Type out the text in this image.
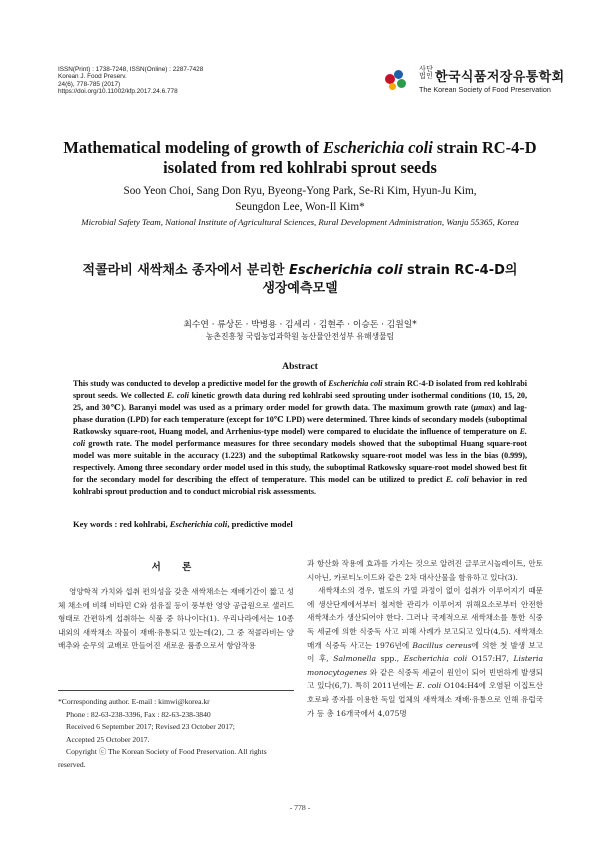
ISSN(Print) : 1738-7248, ISSN(Online) : 2287-7428
Korean J. Food Preserv.
24(6), 778-785 (2017)
https://doi.org/10.11002/kfp.2017.24.6.778
사단 법인 한국식품저장유통학회
The Korean Society of Food Preservation
Mathematical modeling of growth of Escherichia coli strain RC-4-D
isolated from red kohlrabi sprout seeds
Soo Yeon Choi, Sang Don Ryu, Byeong-Yong Park, Se-Ri Kim, Hyun-Ju Kim,
Seungdon Lee, Won-Il Kim*
Microbial Safety Team, National Institute of Agricultural Sciences, Rural Development Administration, Wanju 55365, Korea
적콜라비 새싹채소 종자에서 분리한 Escherichia coli strain RC-4-D의
생장예측모델
최수연 · 류상돈 · 박병용 · 김세리 · 김현주 · 이승돈 · 김원일*
농촌진흥청 국립농업과학원 농산물안전성부 유해생물팀
Abstract
This study was conducted to develop a predictive model for the growth of Escherichia coli strain RC-4-D isolated from red kohlrabi sprout seeds. We collected E. coli kinetic growth data during red kohlrabi seed sprouting under isothermal conditions (10, 15, 20, 25, and 30℃). Baranyi model was used as a primary order model for growth data. The maximum growth rate (μmax) and lag-phase duration (LPD) for each temperature (except for 10℃ LPD) were determined. Three kinds of secondary models (suboptimal Ratkowsky square-root, Huang model, and Arrhenius-type model) were compared to elucidate the influence of temperature on E. coli growth rate. The model performance measures for three secondary models showed that the suboptimal Huang square-root model was more suitable in the accuracy (1.223) and the suboptimal Ratkowsky square-root model was less in the bias (0.999), respectively. Among three secondary order model used in this study, the suboptimal Ratkowsky square-root model showed best fit for the secondary model for describing the effect of temperature. This model can be utilized to predict E. coli behavior in red kohlrabi sprout production and to conduct microbial risk assessments.
Key words : red kohlrabi, Escherichia coli, predictive model
서 론

영양학적 가치와 섭취 편의성을 갖춘 새싹채소는 재배기간이 짧고 성체 채소에 비해 비타민 C와 섬유질 등이 풍부한 영양 공급원으로 샐러드 형태로 간편하게 섭취하는 식품 중 하나이다(1). 우리나라에서는 10종 내외의 새싹채소 작물이 재배·유통되고 있는데(2), 그 중 적콜라비는 양배추와 순무의 교배로 만들어진 새로운 품종으로서 항암작용

과 항산화 작용에 효과를 가지는 것으로 알려진 글루코시놀레이트, 안토시아닌, 카로티노이드와 같은 2차 대사산물을 함유하고 있다(3).

새싹채소의 경우, 별도의 가열 과정이 없이 섭취가 이루어지기 때문에 생산단계에서부터 철저한 관리가 이루어져 위해요소로부터 안전한 새싹채소가 생산되어야 한다. 그러나 국제적으로 새싹채소를 통한 식중독 세균에 의한 식중독 사고 피해 사례가 보고되고 있다(4,5). 새싹채소 매개 식중독 사고는 1976년에 Bacillus cereus에 의한 첫 발생 보고 이 후, Salmonella spp., Escherichia coli O157:H7, Listeria monocytogenes 와 같은 식중독 세균이 원인이 되어 빈번하게 발생되고 있다(6,7). 특히 2011년에는 E. coli O104:H4에 오염된 이집트산 호로파 종자를 이용한 독일 업체의 새싹채소 재배·유통으로 인해 유럽국가 등 총 16개국에서 4,075명

*Corresponding author. E-mail : kimwi@korea.kr

Phone : 82-63-238-3396, Fax : 82-63-238-3840

Received 6 September 2017; Revised 23 October 2017;

Accepted 25 October 2017.

Copyright ⓒ The Korean Society of Food Preservation. All rights reserved.

- 778 -
